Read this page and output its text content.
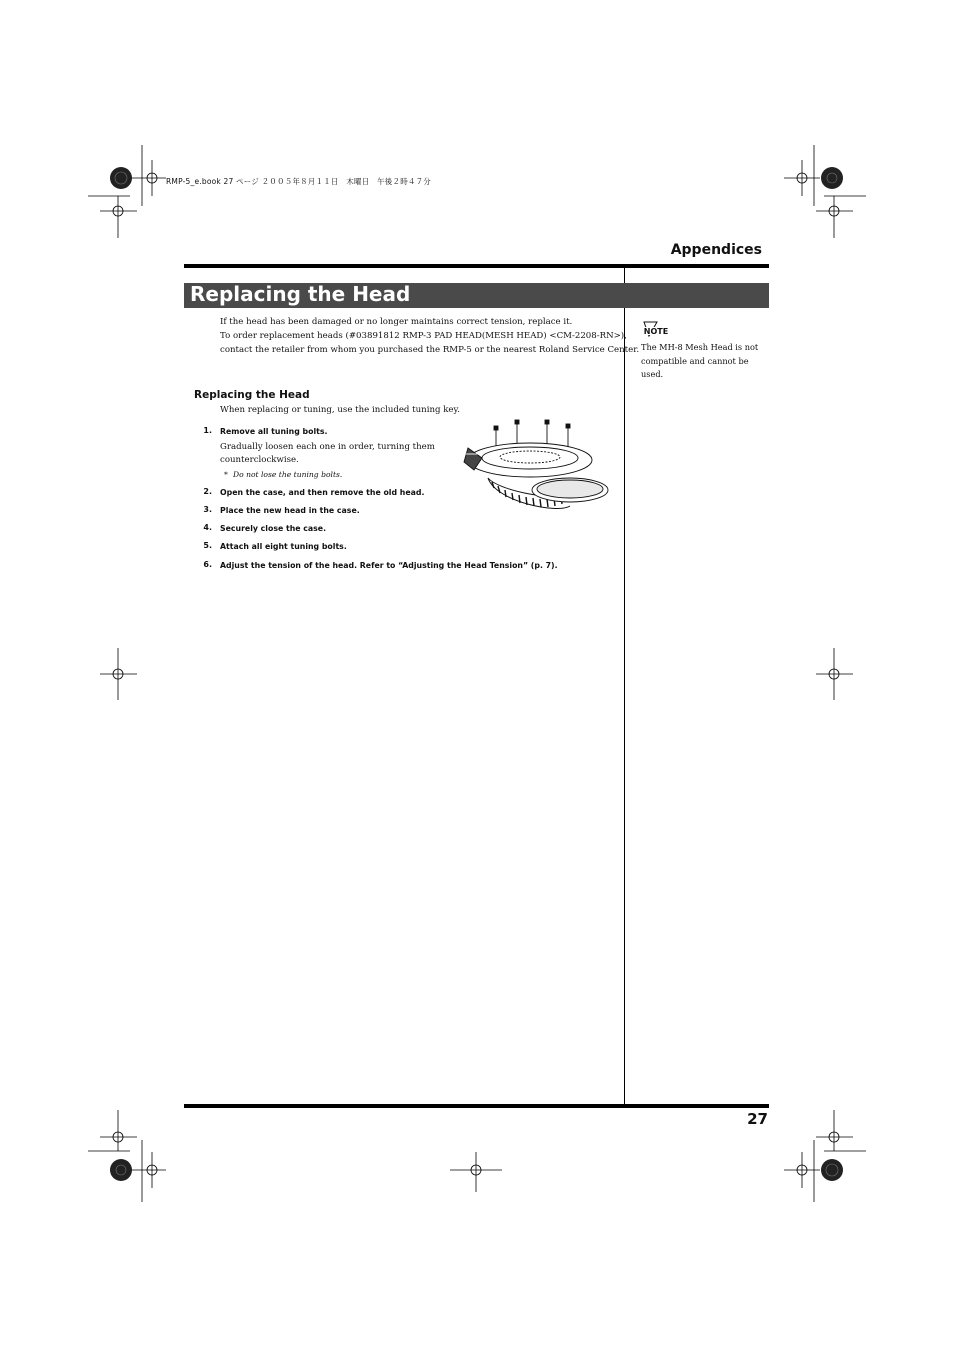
RMP-5_e.book 27 ページ ２００５年８月１１日　木曜日　午後２時４７分
Appendices
Replacing the Head
If the head has been damaged or no longer maintains correct tension, replace it.
To order replacement heads (#03891812 RMP-3 PAD HEAD(MESH HEAD) <CM-2208-RN>),
contact the retailer from whom you purchased the RMP-5 or the nearest Roland Service Center.
Replacing the Head
When replacing or tuning, use the included tuning key.
1. Remove all tuning bolts.
Gradually loosen each one in order, turning them
counterclockwise.
* Do not lose the tuning bolts.
2. Open the case, and then remove the old head.
3. Place the new head in the case.
4. Securely close the case.
5. Attach all eight tuning bolts.
6. Adjust the tension of the head. Refer to “Adjusting the Head Tension” (p. 7).
NOTE
The MH-8 Mesh Head is not
compatible and cannot be
used.
27
